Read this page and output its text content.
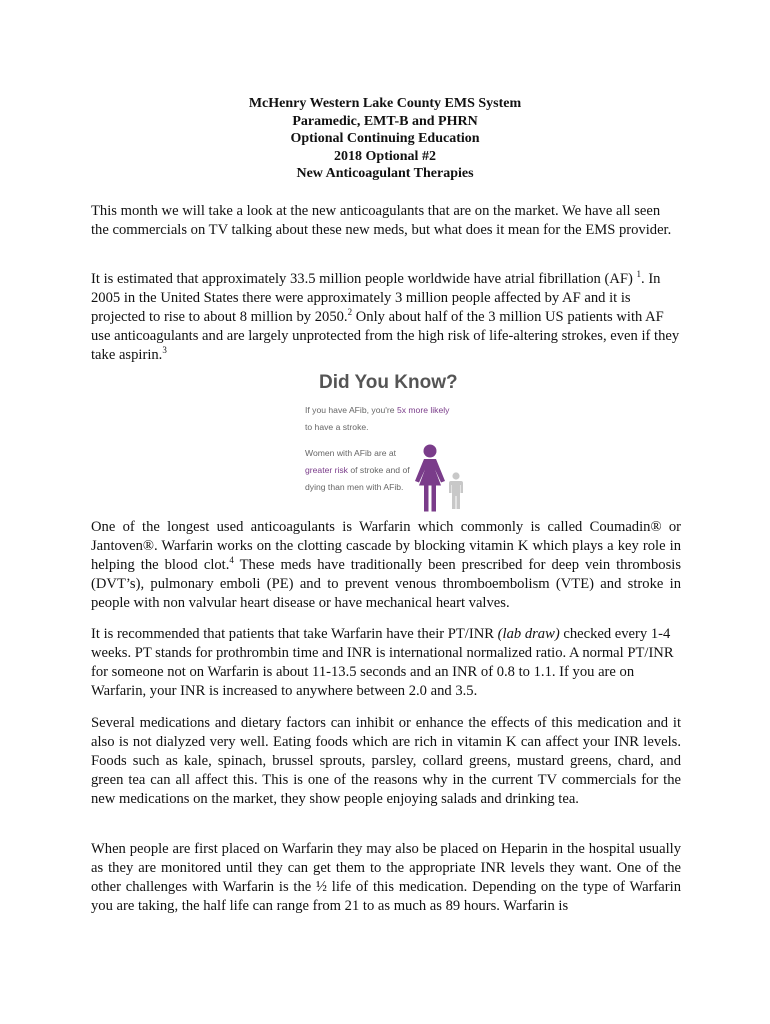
McHenry Western Lake County EMS System
Paramedic, EMT-B and PHRN
Optional Continuing Education
2018 Optional #2
New Anticoagulant Therapies

This month we will take a look at the new anticoagulants that are on the market. We have all seen the commercials on TV talking about these new meds, but what does it mean for the EMS provider.

It is estimated that approximately 33.5 million people worldwide have atrial fibrillation (AF) $^1$. In 2005 in the United States there were approximately 3 million people affected by AF and it is projected to rise to about 8 million by 2050.$^2$ Only about half of the 3 million US patients with AF use anticoagulants and are largely unprotected from the high risk of life-altering strokes, even if they take aspirin.$^3$

Did You Know?
If you have AFib, you're 5x more likely to have a stroke.
Women with AFib are at greater risk of stroke and of dying than men with AFib.

One of the longest used anticoagulants is Warfarin which commonly is called Coumadin® or Jantoven®. Warfarin works on the clotting cascade by blocking vitamin K which plays a key role in helping the blood clot.$^4$ These meds have traditionally been prescribed for deep vein thrombosis (DVT’s), pulmonary emboli (PE) and to prevent venous thromboembolism (VTE) and stroke in people with non valvular heart disease or have mechanical heart valves.

It is recommended that patients that take Warfarin have their PT/INR (lab draw) checked every 1-4 weeks. PT stands for prothrombin time and INR is international normalized ratio. A normal PT/INR for someone not on Warfarin is about 11-13.5 seconds and an INR of 0.8 to 1.1. If you are on Warfarin, your INR is increased to anywhere between 2.0 and 3.5.

Several medications and dietary factors can inhibit or enhance the effects of this medication and it also is not dialyzed very well. Eating foods which are rich in vitamin K can affect your INR levels. Foods such as kale, spinach, brussel sprouts, parsley, collard greens, mustard greens, chard, and green tea can all affect this. This is one of the reasons why in the current TV commercials for the new medications on the market, they show people enjoying salads and drinking tea.

When people are first placed on Warfarin they may also be placed on Heparin in the hospital usually as they are monitored until they can get them to the appropriate INR levels they want. One of the other challenges with Warfarin is the ½ life of this medication. Depending on the type of Warfarin you are taking, the half life can range from 21 to as much as 89 hours. Warfarin is
